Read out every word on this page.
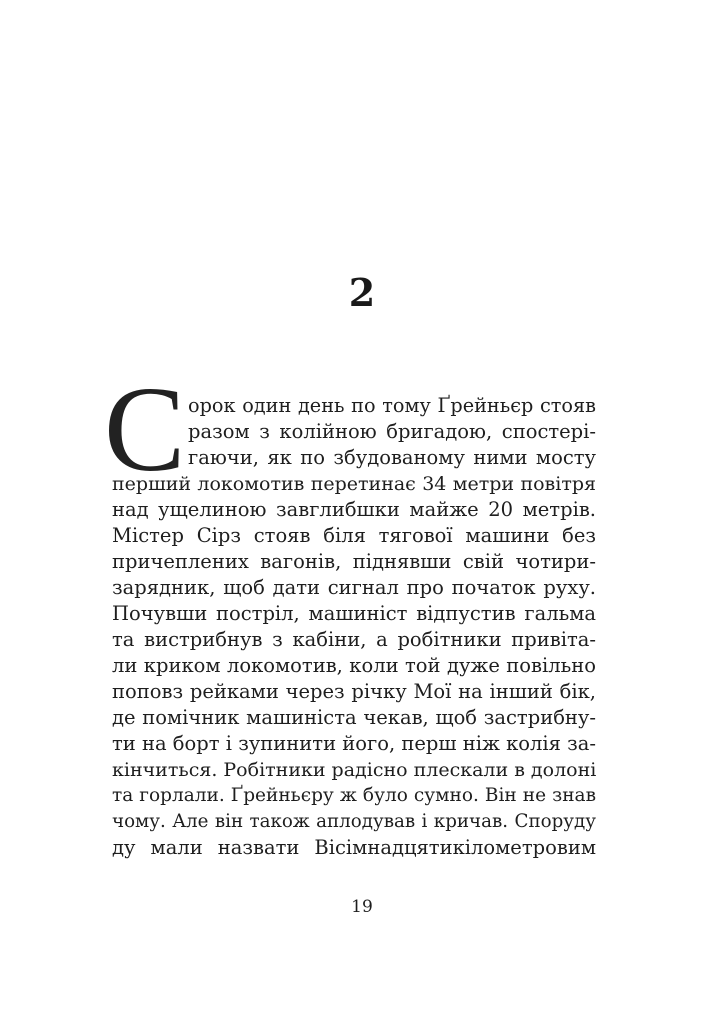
2
С орок один день по тому Ґрейньєр стояв
разом з колійною бригадою, спостері-
гаючи, як по збудованому ними мосту
перший локомотив перетинає 34 метри повітря
над ущелиною завглибшки майже 20 метрів.
Містер Сірз стояв біля тягової машини без
причеплених вагонів, піднявши свій чотири-
зарядник, щоб дати сигнал про початок руху.
Почувши постріл, машиніст відпустив гальма
та вистрибнув з кабіни, а робітники привіта-
ли криком локомотив, коли той дуже повільно
поповз рейками через річку Мої на інший бік,
де помічник машиніста чекав, щоб застрибну-
ти на борт і зупинити його, перш ніж колія за-
кінчиться. Робітники радісно плескали в долоні
та горлали. Ґрейньєру ж було сумно. Він не знав
чому. Але він також аплодував і кричав. Споруду
ду мали назвати Вісімнадцятикілометровим
19
